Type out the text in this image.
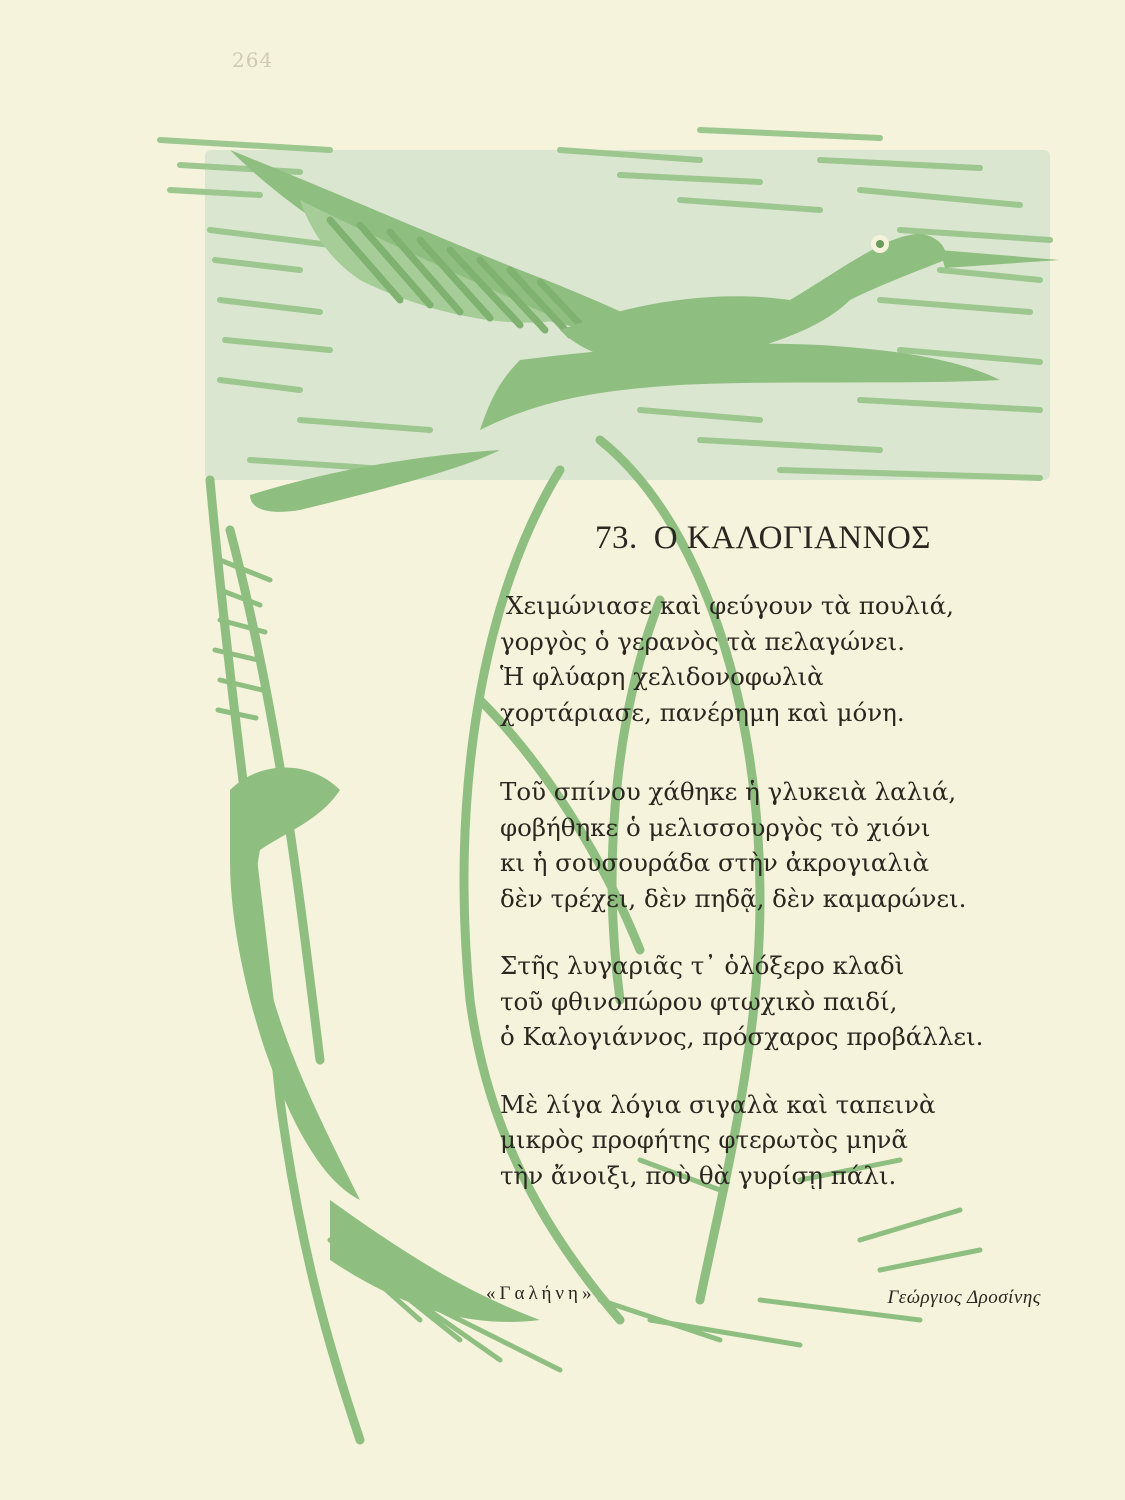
264
73. Ο ΚΑΛΟΓΙΑΝΝΟΣ
Χειμώνιασε καὶ φεύγουν τὰ πουλιά,
γοργὸς ὁ γερανὸς τὰ πελαγώνει.
Ἡ φλύαρη χελιδονοφωλιὰ
χορτάριασε, πανέρημη καὶ μόνη.
Τοῦ σπίνου χάθηκε ἡ γλυκειὰ λαλιά,
φοβήθηκε ὁ μελισσουργὸς τὸ χιόνι
κι ἡ σουσουράδα στὴν ἀκρογιαλιὰ
δὲν τρέχει, δὲν πηδᾷ, δὲν καμαρώνει.
Στῆς λυγαριᾶς τ᾽ ὁλόξερο κλαδὶ
τοῦ φθινοπώρου φτωχικὸ παιδί,
ὁ Καλογιάννος, πρόσχαρος προβάλλει.
Μὲ λίγα λόγια σιγαλὰ καὶ ταπεινὰ
μικρὸς προφήτης φτερωτὸς μηνᾶ
τὴν ἄνοιξι, ποὺ θὰ γυρίσῃ πάλι.
«Γαλήνη»	Γεώργιος Δροσίνης
